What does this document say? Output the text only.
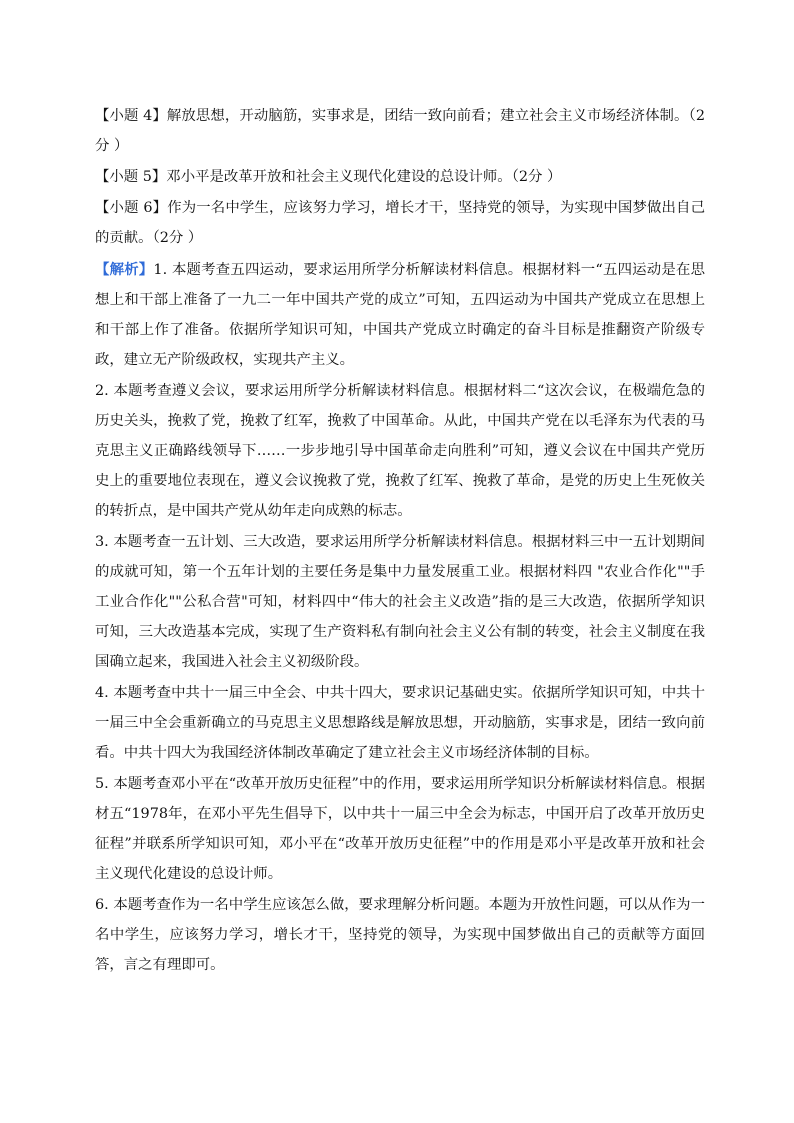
【小题 4】解放思想，开动脑筋，实事求是，团结一致向前看；建立社会主义市场经济体制。（2 分 ）

【小题 5】邓小平是改革开放和社会主义现代化建设的总设计师。（2分 ）

【小题 6】作为一名中学生，应该努力学习，增长才干，坚持党的领导，为实现中国梦做出自己的贡献。（2分 ）

【解析】1. 本题考查五四运动，要求运用所学分析解读材料信息。根据材料一“五四运动是在思想上和干部上准备了一九二一年中国共产党的成立”可知，五四运动为中国共产党成立在思想上和干部上作了准备。依据所学知识可知，中国共产党成立时确定的奋斗目标是推翻资产阶级专政，建立无产阶级政权，实现共产主义。

2. 本题考查遵义会议，要求运用所学分析解读材料信息。根据材料二“这次会议，在极端危急的历史关头，挽救了党，挽救了红军，挽救了中国革命。从此，中国共产党在以毛泽东为代表的马克思主义正确路线领导下……一步步地引导中国革命走向胜利”可知，遵义会议在中国共产党历史上的重要地位表现在，遵义会议挽救了党，挽救了红军、挽救了革命，是党的历史上生死攸关的转折点，是中国共产党从幼年走向成熟的标志。

3. 本题考查一五计划、三大改造，要求运用所学分析解读材料信息。根据材料三中一五计划期间的成就可知，第一个五年计划的主要任务是集中力量发展重工业。根据材料四 "农业合作化""手工业合作化""公私合营"可知，材料四中“伟大的社会主义改造”指的是三大改造，依据所学知识可知，三大改造基本完成，实现了生产资料私有制向社会主义公有制的转变，社会主义制度在我国确立起来，我国进入社会主义初级阶段。

4. 本题考查中共十一届三中全会、中共十四大，要求识记基础史实。依据所学知识可知，中共十一届三中全会重新确立的马克思主义思想路线是解放思想，开动脑筋，实事求是，团结一致向前看。中共十四大为我国经济体制改革确定了建立社会主义市场经济体制的目标。

5. 本题考查邓小平在“改革开放历史征程”中的作用，要求运用所学知识分析解读材料信息。根据材五“1978年，在邓小平先生倡导下，以中共十一届三中全会为标志，中国开启了改革开放历史征程”并联系所学知识可知，邓小平在“改革开放历史征程”中的作用是邓小平是改革开放和社会主义现代化建设的总设计师。

6. 本题考查作为一名中学生应该怎么做，要求理解分析问题。本题为开放性问题，可以从作为一名中学生，应该努力学习，增长才干，坚持党的领导，为实现中国梦做出自己的贡献等方面回答，言之有理即可。
